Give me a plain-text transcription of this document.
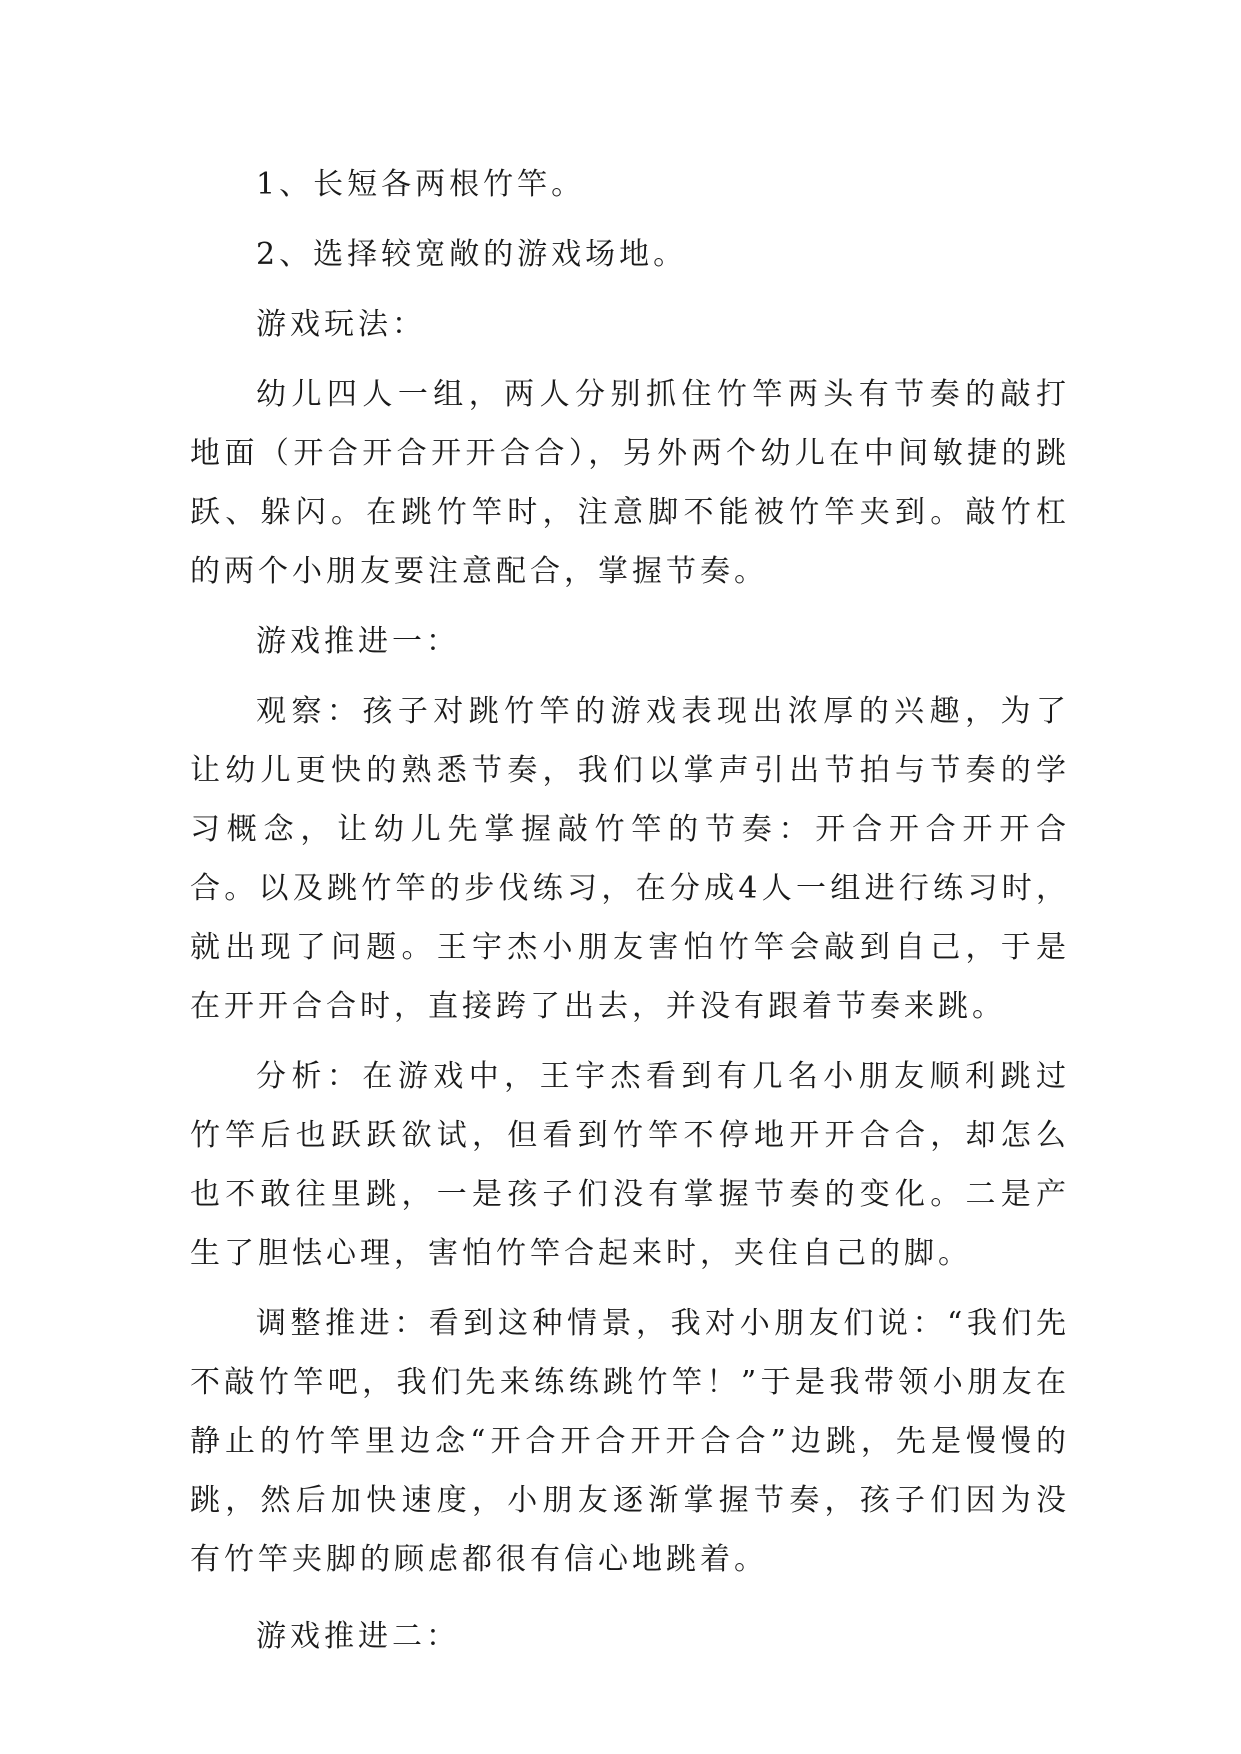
1、长短各两根竹竿。

2、选择较宽敞的游戏场地。

游戏玩法：

幼儿四人一组，两人分别抓住竹竿两头有节奏的敲打地面（开合开合开开合合），另外两个幼儿在中间敏捷的跳跃、躲闪。在跳竹竿时，注意脚不能被竹竿夹到。敲竹杠的两个小朋友要注意配合，掌握节奏。

游戏推进一：

观察：孩子对跳竹竿的游戏表现出浓厚的兴趣，为了让幼儿更快的熟悉节奏，我们以掌声引出节拍与节奏的学习概念，让幼儿先掌握敲竹竿的节奏：开合开合开开合合。以及跳竹竿的步伐练习，在分成4人一组进行练习时，就出现了问题。王宇杰小朋友害怕竹竿会敲到自己，于是在开开合合时，直接跨了出去，并没有跟着节奏来跳。

分析：在游戏中，王宇杰看到有几名小朋友顺利跳过竹竿后也跃跃欲试，但看到竹竿不停地开开合合，却怎么也不敢往里跳，一是孩子们没有掌握节奏的变化。二是产生了胆怯心理，害怕竹竿合起来时，夹住自己的脚。

调整推进：看到这种情景，我对小朋友们说：“我们先不敲竹竿吧，我们先来练练跳竹竿！”于是我带领小朋友在静止的竹竿里边念“开合开合开开合合”边跳，先是慢慢的跳，然后加快速度，小朋友逐渐掌握节奏，孩子们因为没有竹竿夹脚的顾虑都很有信心地跳着。

游戏推进二：
